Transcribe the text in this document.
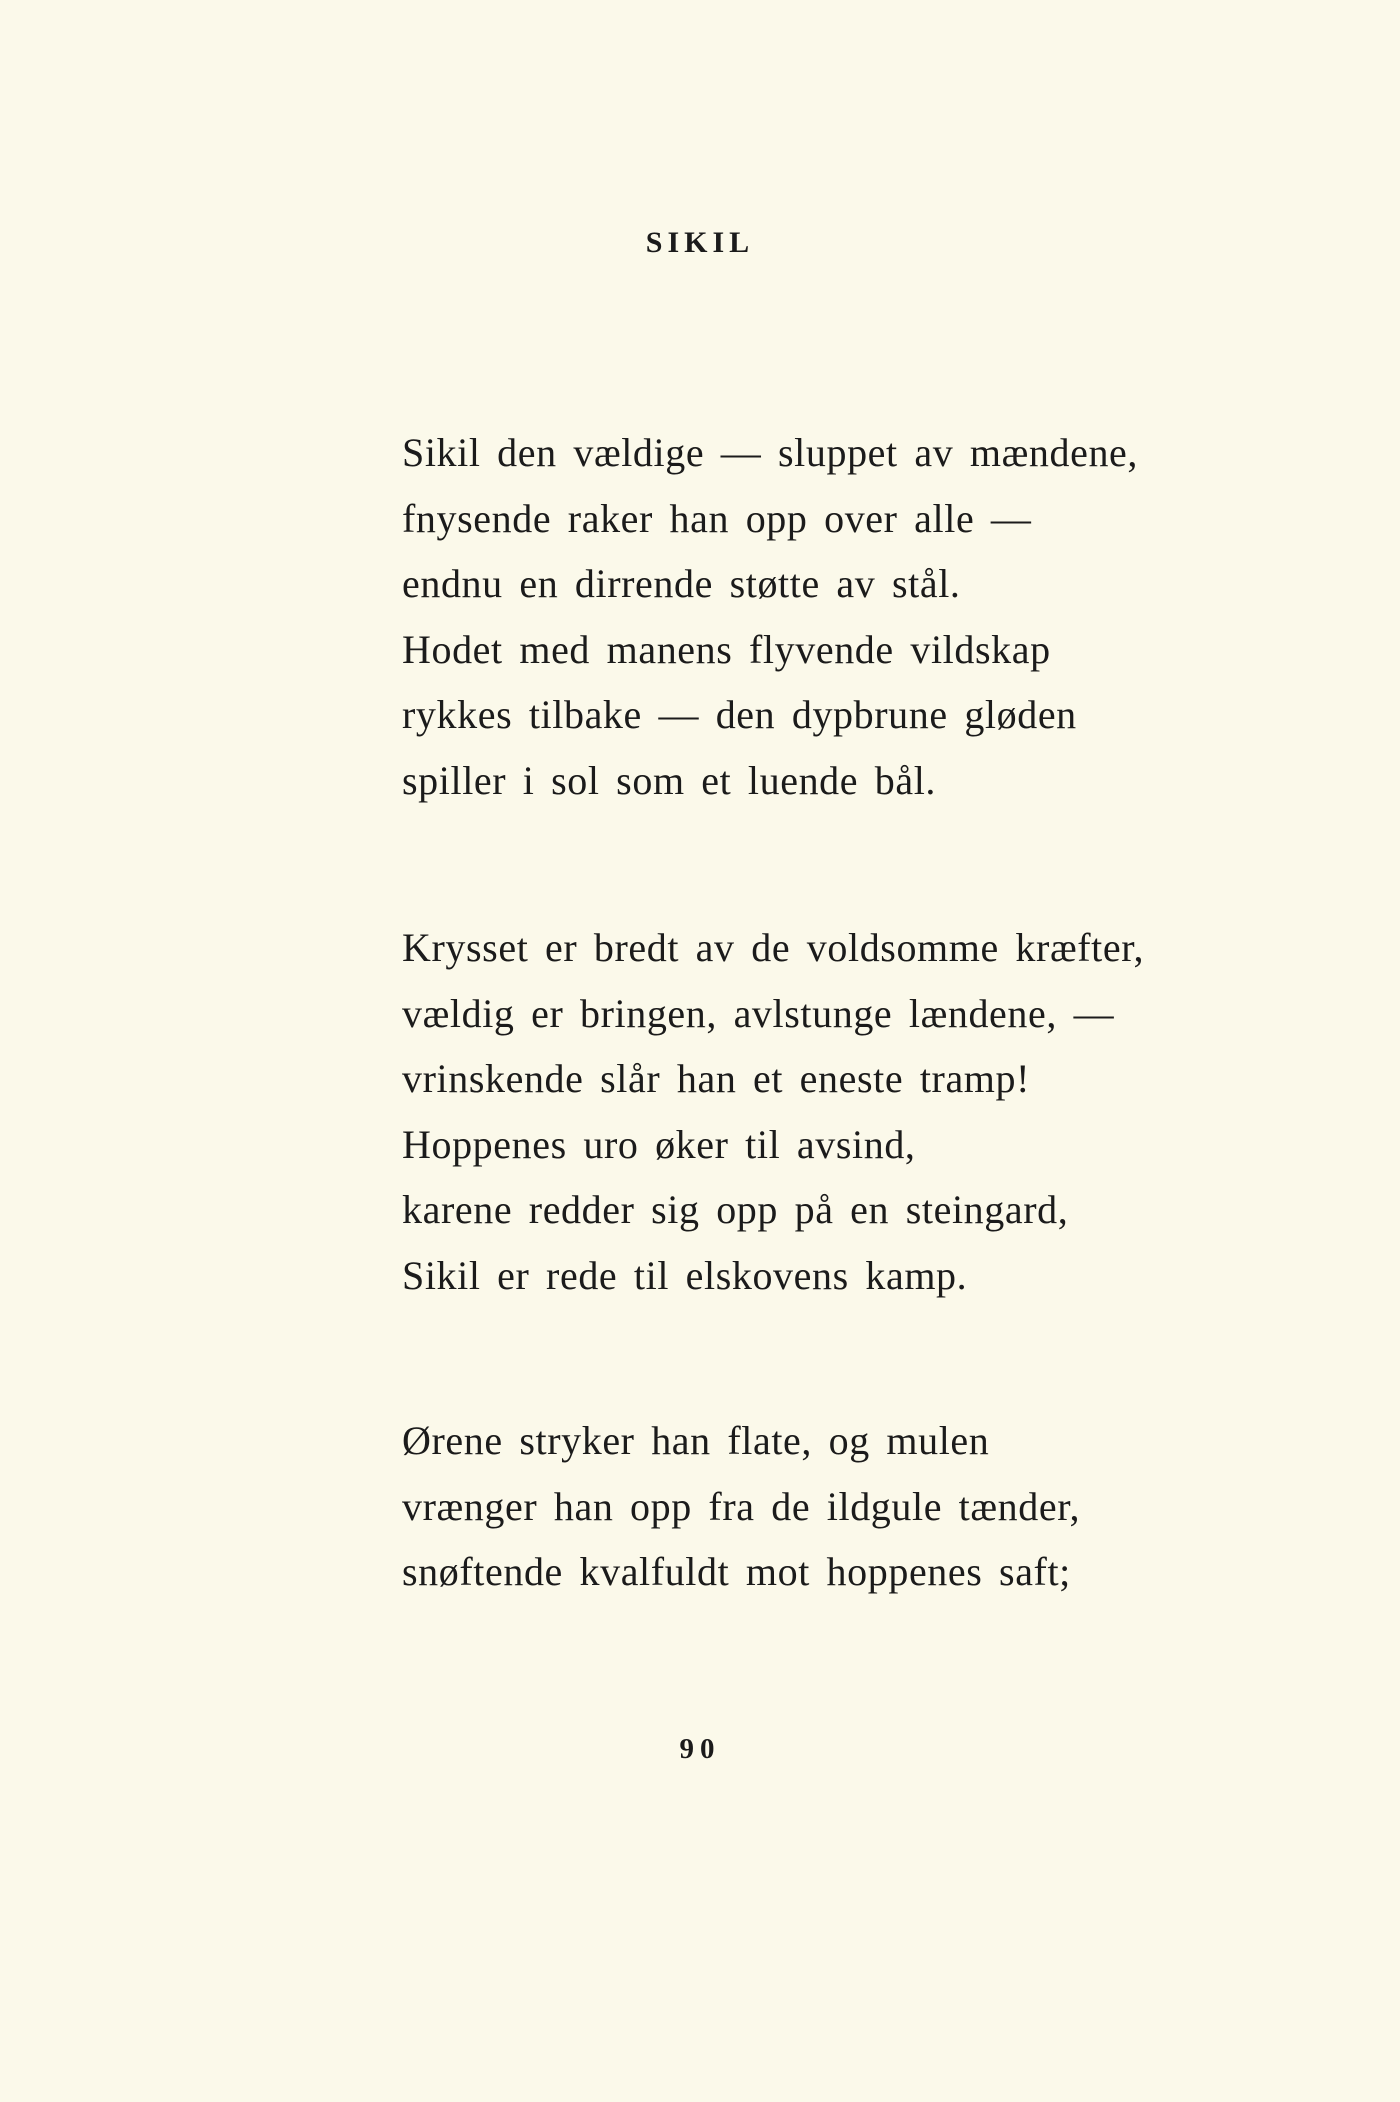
SIKIL
Sikil den vældige — sluppet av mændene,
fnysende raker han opp over alle —
endnu en dirrende støtte av stål.
Hodet med manens flyvende vildskap
rykkes tilbake — den dypbrune gløden
spiller i sol som et luende bål.
Krysset er bredt av de voldsomme kræfter,
vældig er bringen, avlstunge lændene, —
vrinskende slår han et eneste tramp!
Hoppenes uro øker til avsind,
karene redder sig opp på en steingard,
Sikil er rede til elskovens kamp.
Ørene stryker han flate, og mulen
vrænger han opp fra de ildgule tænder,
snøftende kvalfuldt mot hoppenes saft;

90
